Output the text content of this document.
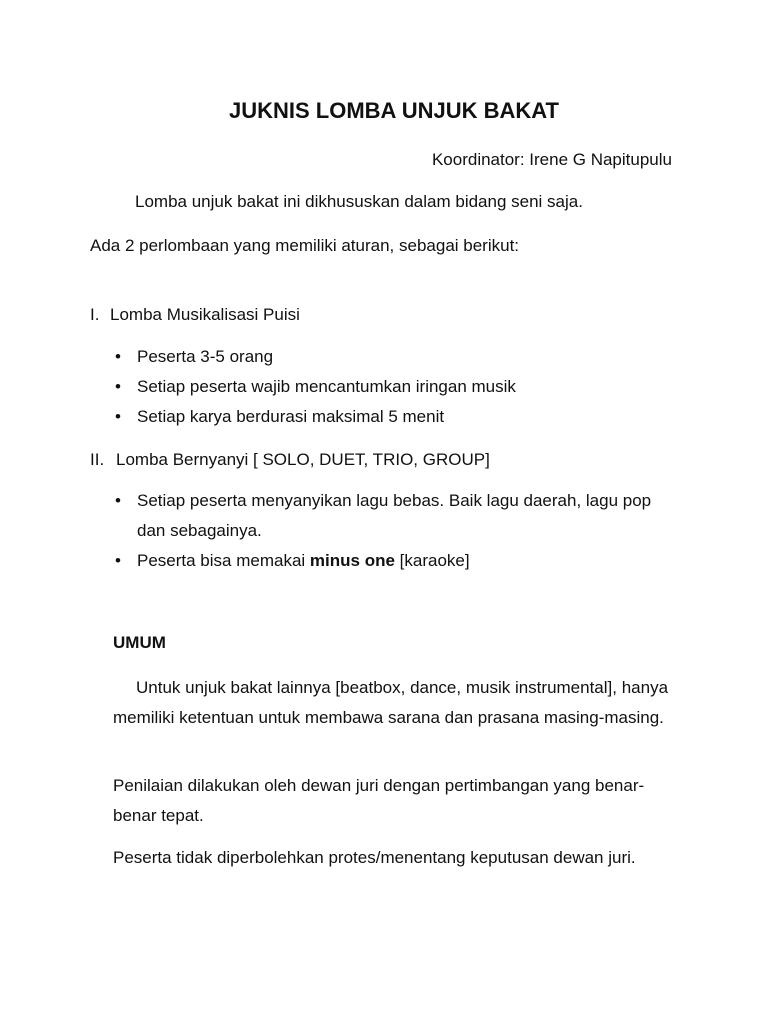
JUKNIS LOMBA UNJUK BAKAT
Koordinator: Irene G Napitupulu
Lomba unjuk bakat ini dikhususkan dalam bidang seni saja.
Ada 2 perlombaan yang memiliki aturan, sebagai berikut:
I. Lomba Musikalisasi Puisi
• Peserta 3-5 orang
• Setiap peserta wajib mencantumkan iringan musik
• Setiap karya berdurasi maksimal 5 menit
II. Lomba Bernyanyi [ SOLO, DUET, TRIO, GROUP]
• Setiap peserta menyanyikan lagu bebas. Baik lagu daerah, lagu pop dan sebagainya.
• Peserta bisa memakai minus one [karaoke]
UMUM
Untuk unjuk bakat lainnya [beatbox, dance, musik instrumental], hanya memiliki ketentuan untuk membawa sarana dan prasana masing-masing.
Penilaian dilakukan oleh dewan juri dengan pertimbangan yang benar-benar tepat.
Peserta tidak diperbolehkan protes/menentang keputusan dewan juri.
